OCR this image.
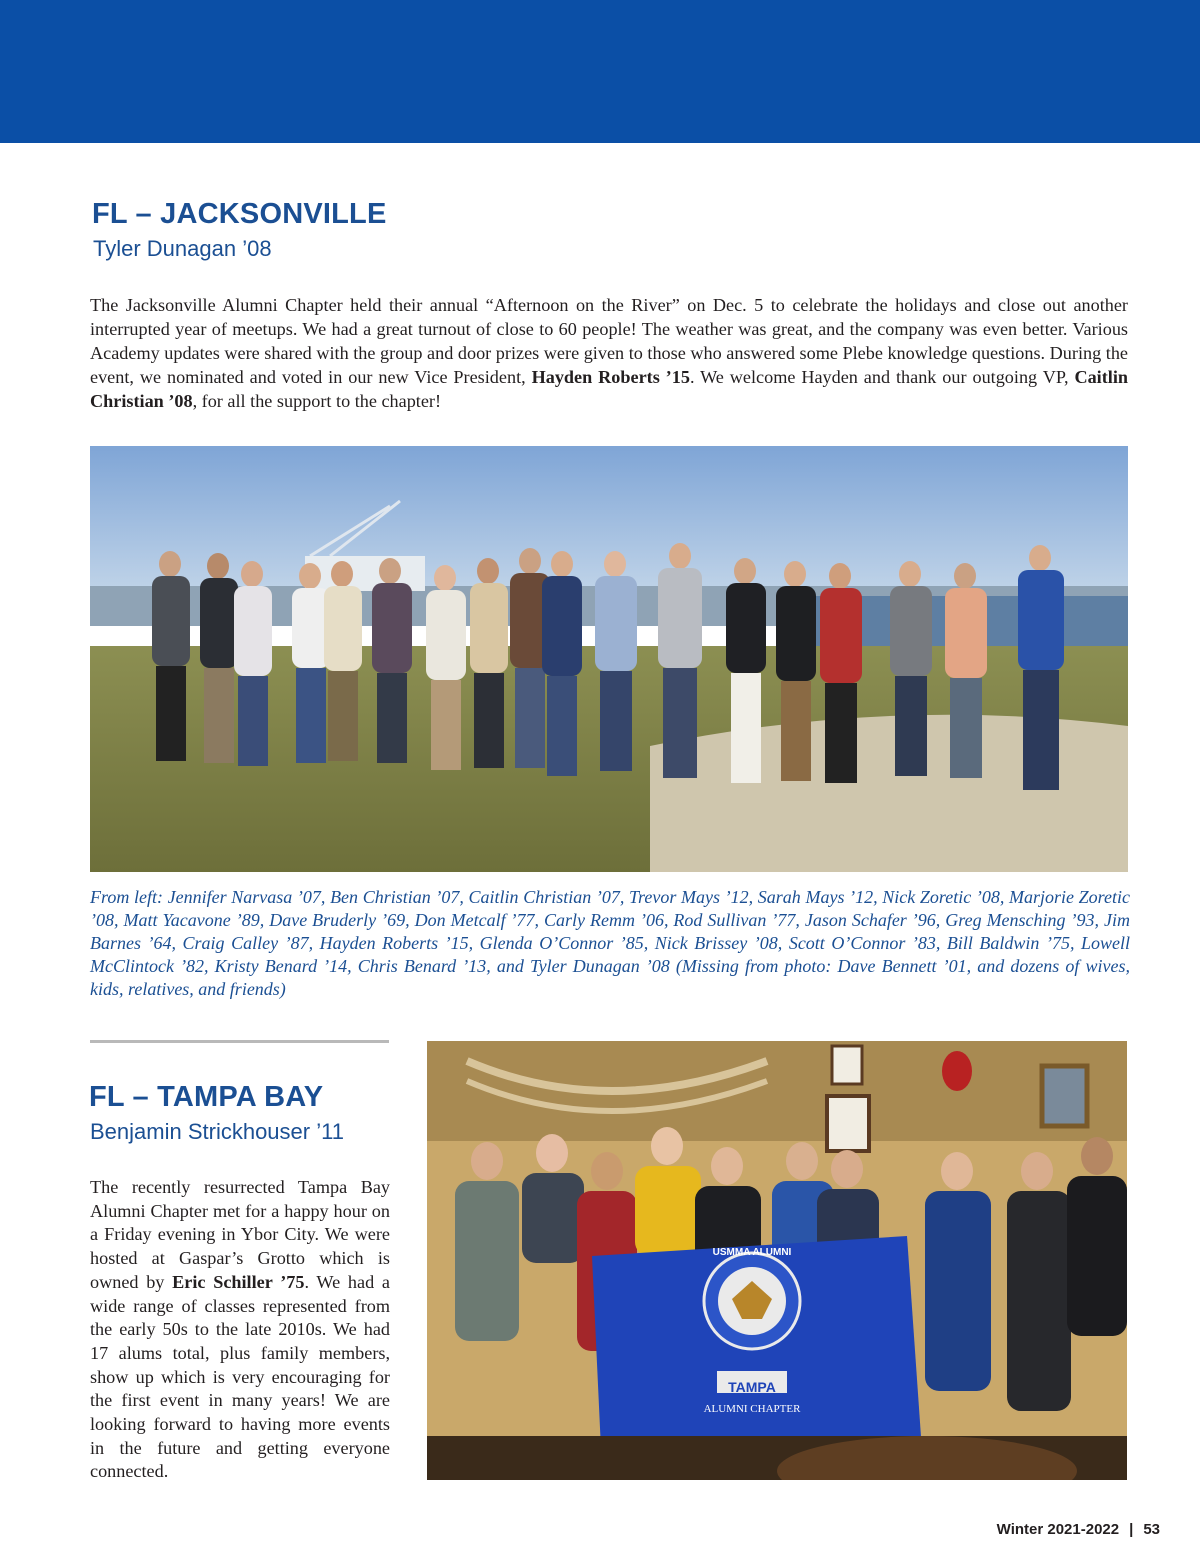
FL – JACKSONVILLE

Tyler Dunagan ’08

The Jacksonville Alumni Chapter held their annual “Afternoon on the River” on Dec. 5 to celebrate the holidays and close out another interrupted year of meetups. We had a great turnout of close to 60 people! The weather was great, and the company was even better. Various Academy updates were shared with the group and door prizes were given to those who answered some Plebe knowledge questions. During the event, we nominated and voted in our new Vice President, Hayden Roberts ’15. We welcome Hayden and thank our outgoing VP, Caitlin Christian ’08, for all the support to the chapter!

From left: Jennifer Narvasa ’07, Ben Christian ’07, Caitlin Christian ’07, Trevor Mays ’12, Sarah Mays ’12, Nick Zoretic ’08, Marjorie Zoretic ’08, Matt Yacavone ’89, Dave Bruderly ’69, Don Metcalf ’77, Carly Remm ’06, Rod Sullivan ’77, Jason Schafer ’96, Greg Mensching ’93, Jim Barnes ’64, Craig Calley ’87, Hayden Roberts ’15, Glenda O’Connor ’85, Nick Brissey ’08, Scott O’Connor ’83, Bill Baldwin ’75, Lowell McClintock ’82, Kristy Benard ’14, Chris Benard ’13, and Tyler Dunagan ’08 (Missing from photo: Dave Bennett ’01, and dozens of wives, kids, relatives, and friends)

FL – TAMPA BAY

Benjamin Strickhouser ’11

The recently resurrected Tampa Bay Alumni Chapter met for a happy hour on a Friday evening in Ybor City. We were hosted at Gaspar’s Grotto which is owned by Eric Schiller ’75. We had a wide range of classes represented from the early 50s to the late 2010s. We had 17 alums total, plus family members, show up which is very encouraging for the first event in many years! We are looking forward to having more events in the future and getting everyone connected.

USMMA ALUMNI
TAMPA
ALUMNI CHAPTER

Winter 2021-2022 | 53
